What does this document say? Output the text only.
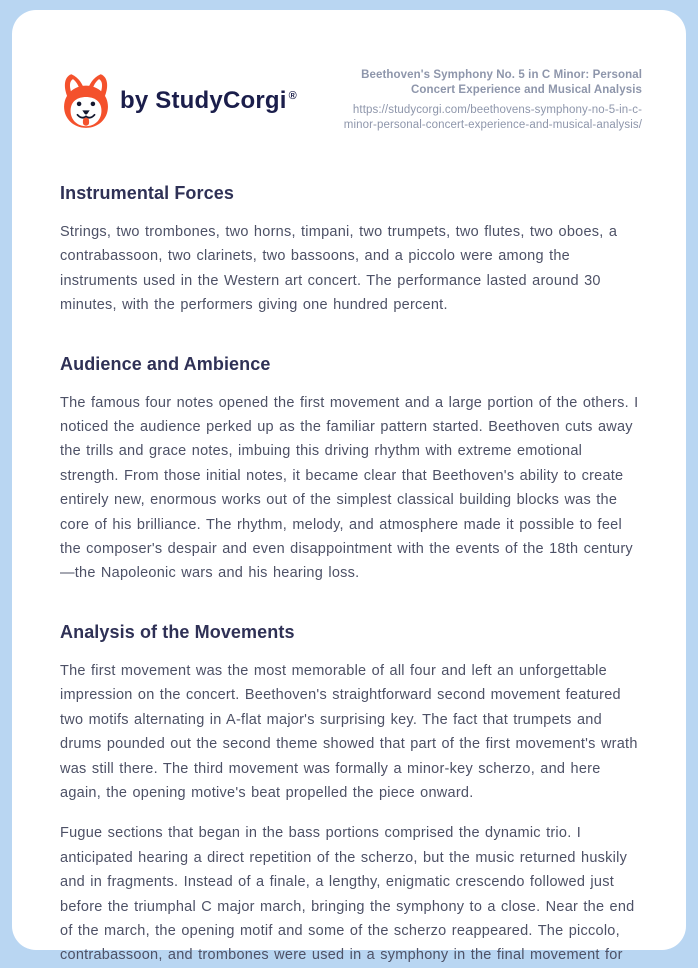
by StudyCorgi ®
Beethoven's Symphony No. 5 in C Minor: Personal
Concert Experience and Musical Analysis
https://studycorgi.com/beethovens-symphony-no-5-in-c-
minor-personal-concert-experience-and-musical-analysis/
Instrumental Forces

Strings, two trombones, two horns, timpani, two trumpets, two flutes, two oboes, a contrabassoon, two clarinets, two bassoons, and a piccolo were among the instruments used in the Western art concert. The performance lasted around 30 minutes, with the performers giving one hundred percent.

Audience and Ambience

The famous four notes opened the first movement and a large portion of the others. I noticed the audience perked up as the familiar pattern started. Beethoven cuts away the trills and grace notes, imbuing this driving rhythm with extreme emotional strength. From those initial notes, it became clear that Beethoven's ability to create entirely new, enormous works out of the simplest classical building blocks was the core of his brilliance. The rhythm, melody, and atmosphere made it possible to feel the composer's despair and even disappointment with the events of the 18th century—the Napoleonic wars and his hearing loss.

Analysis of the Movements

The first movement was the most memorable of all four and left an unforgettable impression on the concert. Beethoven's straightforward second movement featured two motifs alternating in A-flat major's surprising key. The fact that trumpets and drums pounded out the second theme showed that part of the first movement's wrath was still there. The third movement was formally a minor-key scherzo, and here again, the opening motive's beat propelled the piece onward.

Fugue sections that began in the bass portions comprised the dynamic trio. I anticipated hearing a direct repetition of the scherzo, but the music returned huskily and in fragments. Instead of a finale, a lengthy, enigmatic crescendo followed just before the triumphal C major march, bringing the symphony to a close. Near the end of the march, the opening motif and some of the scherzo reappeared. The piccolo, contrabassoon, and trombones were used in a symphony in the final movement for
